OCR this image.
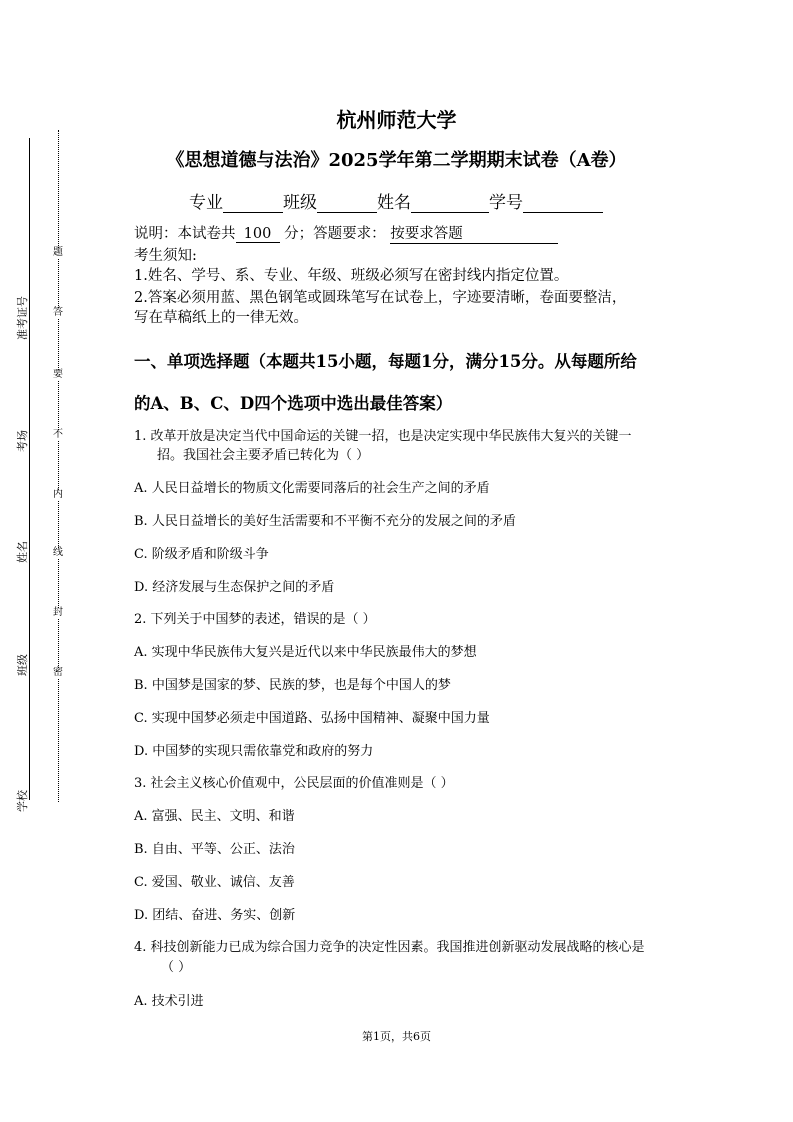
准考证号
考场
姓名
班级
学校
题
答
要
不
内
线
封
密
杭州师范大学
《思想道德与法治》2025学年第二学期期末试卷（A卷）
专业	班级	姓名	学号
说明：本试卷共 100 分；答题要求： 按要求答题
考生须知:
1.姓名、学号、系、专业、年级、班级必须写在密封线内指定位置。
2.答案必须用蓝、黑色钢笔或圆珠笔写在试卷上，字迹要清晰，卷面要整洁，
写在草稿纸上的一律无效。
一、单项选择题（本题共15小题，每题1分，满分15分。从每题所给
的A、B、C、D四个选项中选出最佳答案）
1. 改革开放是决定当代中国命运的关键一招，也是决定实现中华民族伟大复兴的关键一
招。我国社会主要矛盾已转化为（ ）
A. 人民日益增长的物质文化需要同落后的社会生产之间的矛盾
B. 人民日益增长的美好生活需要和不平衡不充分的发展之间的矛盾
C. 阶级矛盾和阶级斗争
D. 经济发展与生态保护之间的矛盾
2. 下列关于中国梦的表述，错误的是（ ）
A. 实现中华民族伟大复兴是近代以来中华民族最伟大的梦想
B. 中国梦是国家的梦、民族的梦，也是每个中国人的梦
C. 实现中国梦必须走中国道路、弘扬中国精神、凝聚中国力量
D. 中国梦的实现只需依靠党和政府的努力
3. 社会主义核心价值观中，公民层面的价值准则是（ ）
A. 富强、民主、文明、和谐
B. 自由、平等、公正、法治
C. 爱国、敬业、诚信、友善
D. 团结、奋进、务实、创新
4. 科技创新能力已成为综合国力竞争的决定性因素。我国推进创新驱动发展战略的核心是
（ ）
A. 技术引进
第1页，共6页
